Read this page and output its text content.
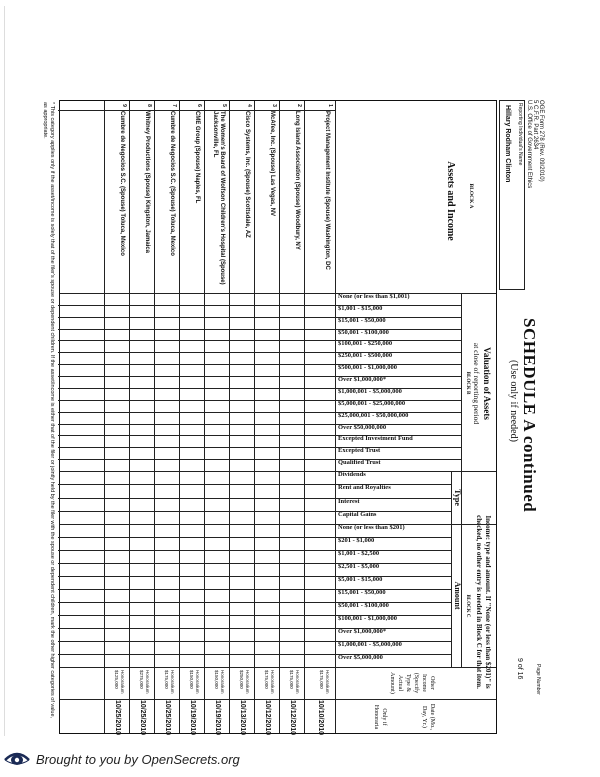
OGE Form 278 (Rev. 09/2010)
5 C.F.R. Part 2634
U.S. Office of Government Ethics
SCHEDULE A continued
(Use only if needed)
Page Number
9 of 16
Reporting Individual's Name
Hillary Rodham Clinton
BLOCK A
Assets and Income
Valuation of Assets
at close of reporting period
BLOCK B
Income: type and amount. If "None (or less than $201)" is
checked, no other entry is needed in Block C for that item.
BLOCK C
Type
Amount
None (or less than $1,001)
$1,001 - $15,000
$15,001 - $50,000
$50,001 - $100,000
$100,001 - $250,000
$250,001 - $500,000
$500,001 - $1,000,000
Over $1,000,000*
$1,000,001 - $5,000,000
$5,000,001 - $25,000,000
$25,000,001 - $50,000,000
Over $50,000,000
Excepted Investment Fund
Excepted Trust
Qualified Trust
Dividends
Rent and Royalties
Interest
Capital Gains
None (or less than $201)
$201 - $1,000
$1,001 - $2,500
$2,501 - $5,000
$5,001 - $15,000
$15,001 - $50,000
$50,001 - $100,000
$100,001 - $1,000,000
Over $1,000,000*
$1,000,001 - $5,000,000
Over $5,000,000
Other Income (Specify Type & Actual Amount)
Date (Mo., Day, Yr.)
Only if Honoraria
1
Project Management Institute (Spouse) Washington, DC
Honorarium $175,000
10/10/2010
2
Long Island Association (Spouse) Woodbury, NY
Honorarium $175,000
10/12/2010
3
McAfee, Inc. (Spouse) Las Vegas, NV
Honorarium $175,000
10/12/2010
4
Cisco Systems, Inc. (Spouse) Scottsdale, AZ
Honorarium $250,000
10/13/2010
5
The Women's Board of Wolfson Children's Hospital (Spouse) Jacksonville, FL
Honorarium $150,000
10/19/2010
6
CME Group (Spouse) Naples, FL
Honorarium $150,000
10/19/2010
7
Cumbre de Negocios S.C. (Spouse) Toluca, Mexico
Honorarium $175,000
10/25/2010
8
Whitney Productions (Spouse) Kingston, Jamaica
Honorarium $275,000
10/25/2010
9
Cumbre de Negocios S.C. (Spouse) Toluca, Mexico
Honorarium $125,000
10/25/2010
* This category applies only if the asset/income is solely that of the filer's spouse or dependent children. If the asset/income is either that of the filer or jointly held by the filer with the spouse or dependent children, mark the other higher categories of value, as appropriate.
Brought to you by OpenSecrets.org
